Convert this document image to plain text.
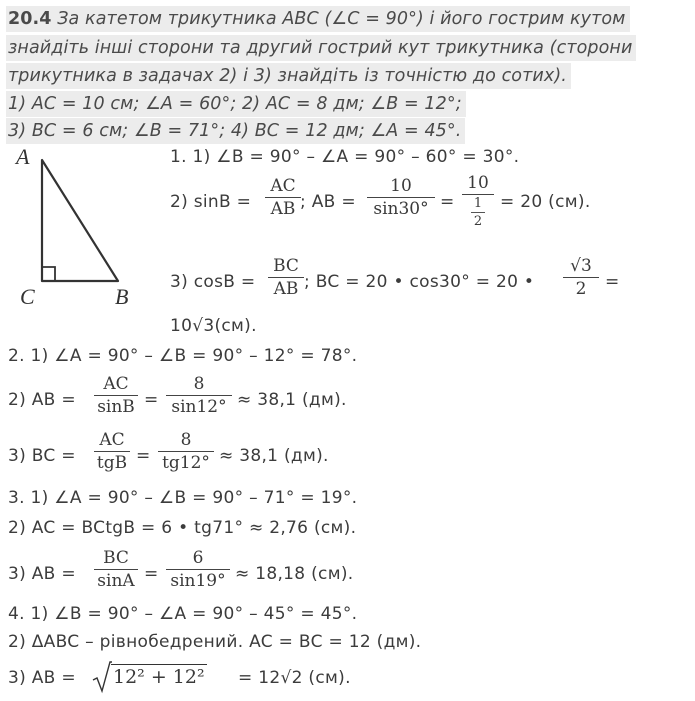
20.4 За катетом трикутника ABC (∠C = 90°) і його гострим кутом
знайдіть інші сторони та другий гострий кут трикутника (сторони
трикутника в задачах 2) і 3) знайдіть із точністю до сотих).
1) AC = 10 см; ∠A = 60°; 2) AC = 8 дм; ∠B = 12°;
3) BC = 6 см; ∠B = 71°; 4) BC = 12 дм; ∠A = 45°.
A
C	B
1. 1) ∠B = 90° – ∠A = 90° – 60° = 30°.
2) $\sin B = \frac{AC}{AB}$ ; AB = $\frac{10}{\sin 30^\circ}$ =
10
1
2
= 20 (см).
3) $\cos B = \frac{BC}{AB}$ ; BC = 20 • cos30° = 20 • $\frac{√3}{2}$ =
10√3(см).
2. 1) ∠A = 90° – ∠B = 90° – 12° = 78°.
2) AB = $\frac{AC}{\sin B} = \frac{8}{\sin 12^\circ} \approx 38,1$ (дм).
3) BC =
AC
tgB = $\frac{8}{tg12^\circ} \approx 38,1$ (дм).
3. 1) ∠A = 90° – ∠B = 90° – 71° = 19°.
2) AC = BCtgB = 6 • tg71° ≈ 2,76 (см).
3) AB = $\frac{BC}{\sin A} = \frac{6}{\sin 19^\circ} \approx 18,18$ (см).
4. 1) ∠B = 90° – ∠A = 90° – 45° = 45°.
2) ΔABC – рівнобедрений. AC = BC = 12 (дм).
3) AB = 12² + 12² = 12√2 (см).
